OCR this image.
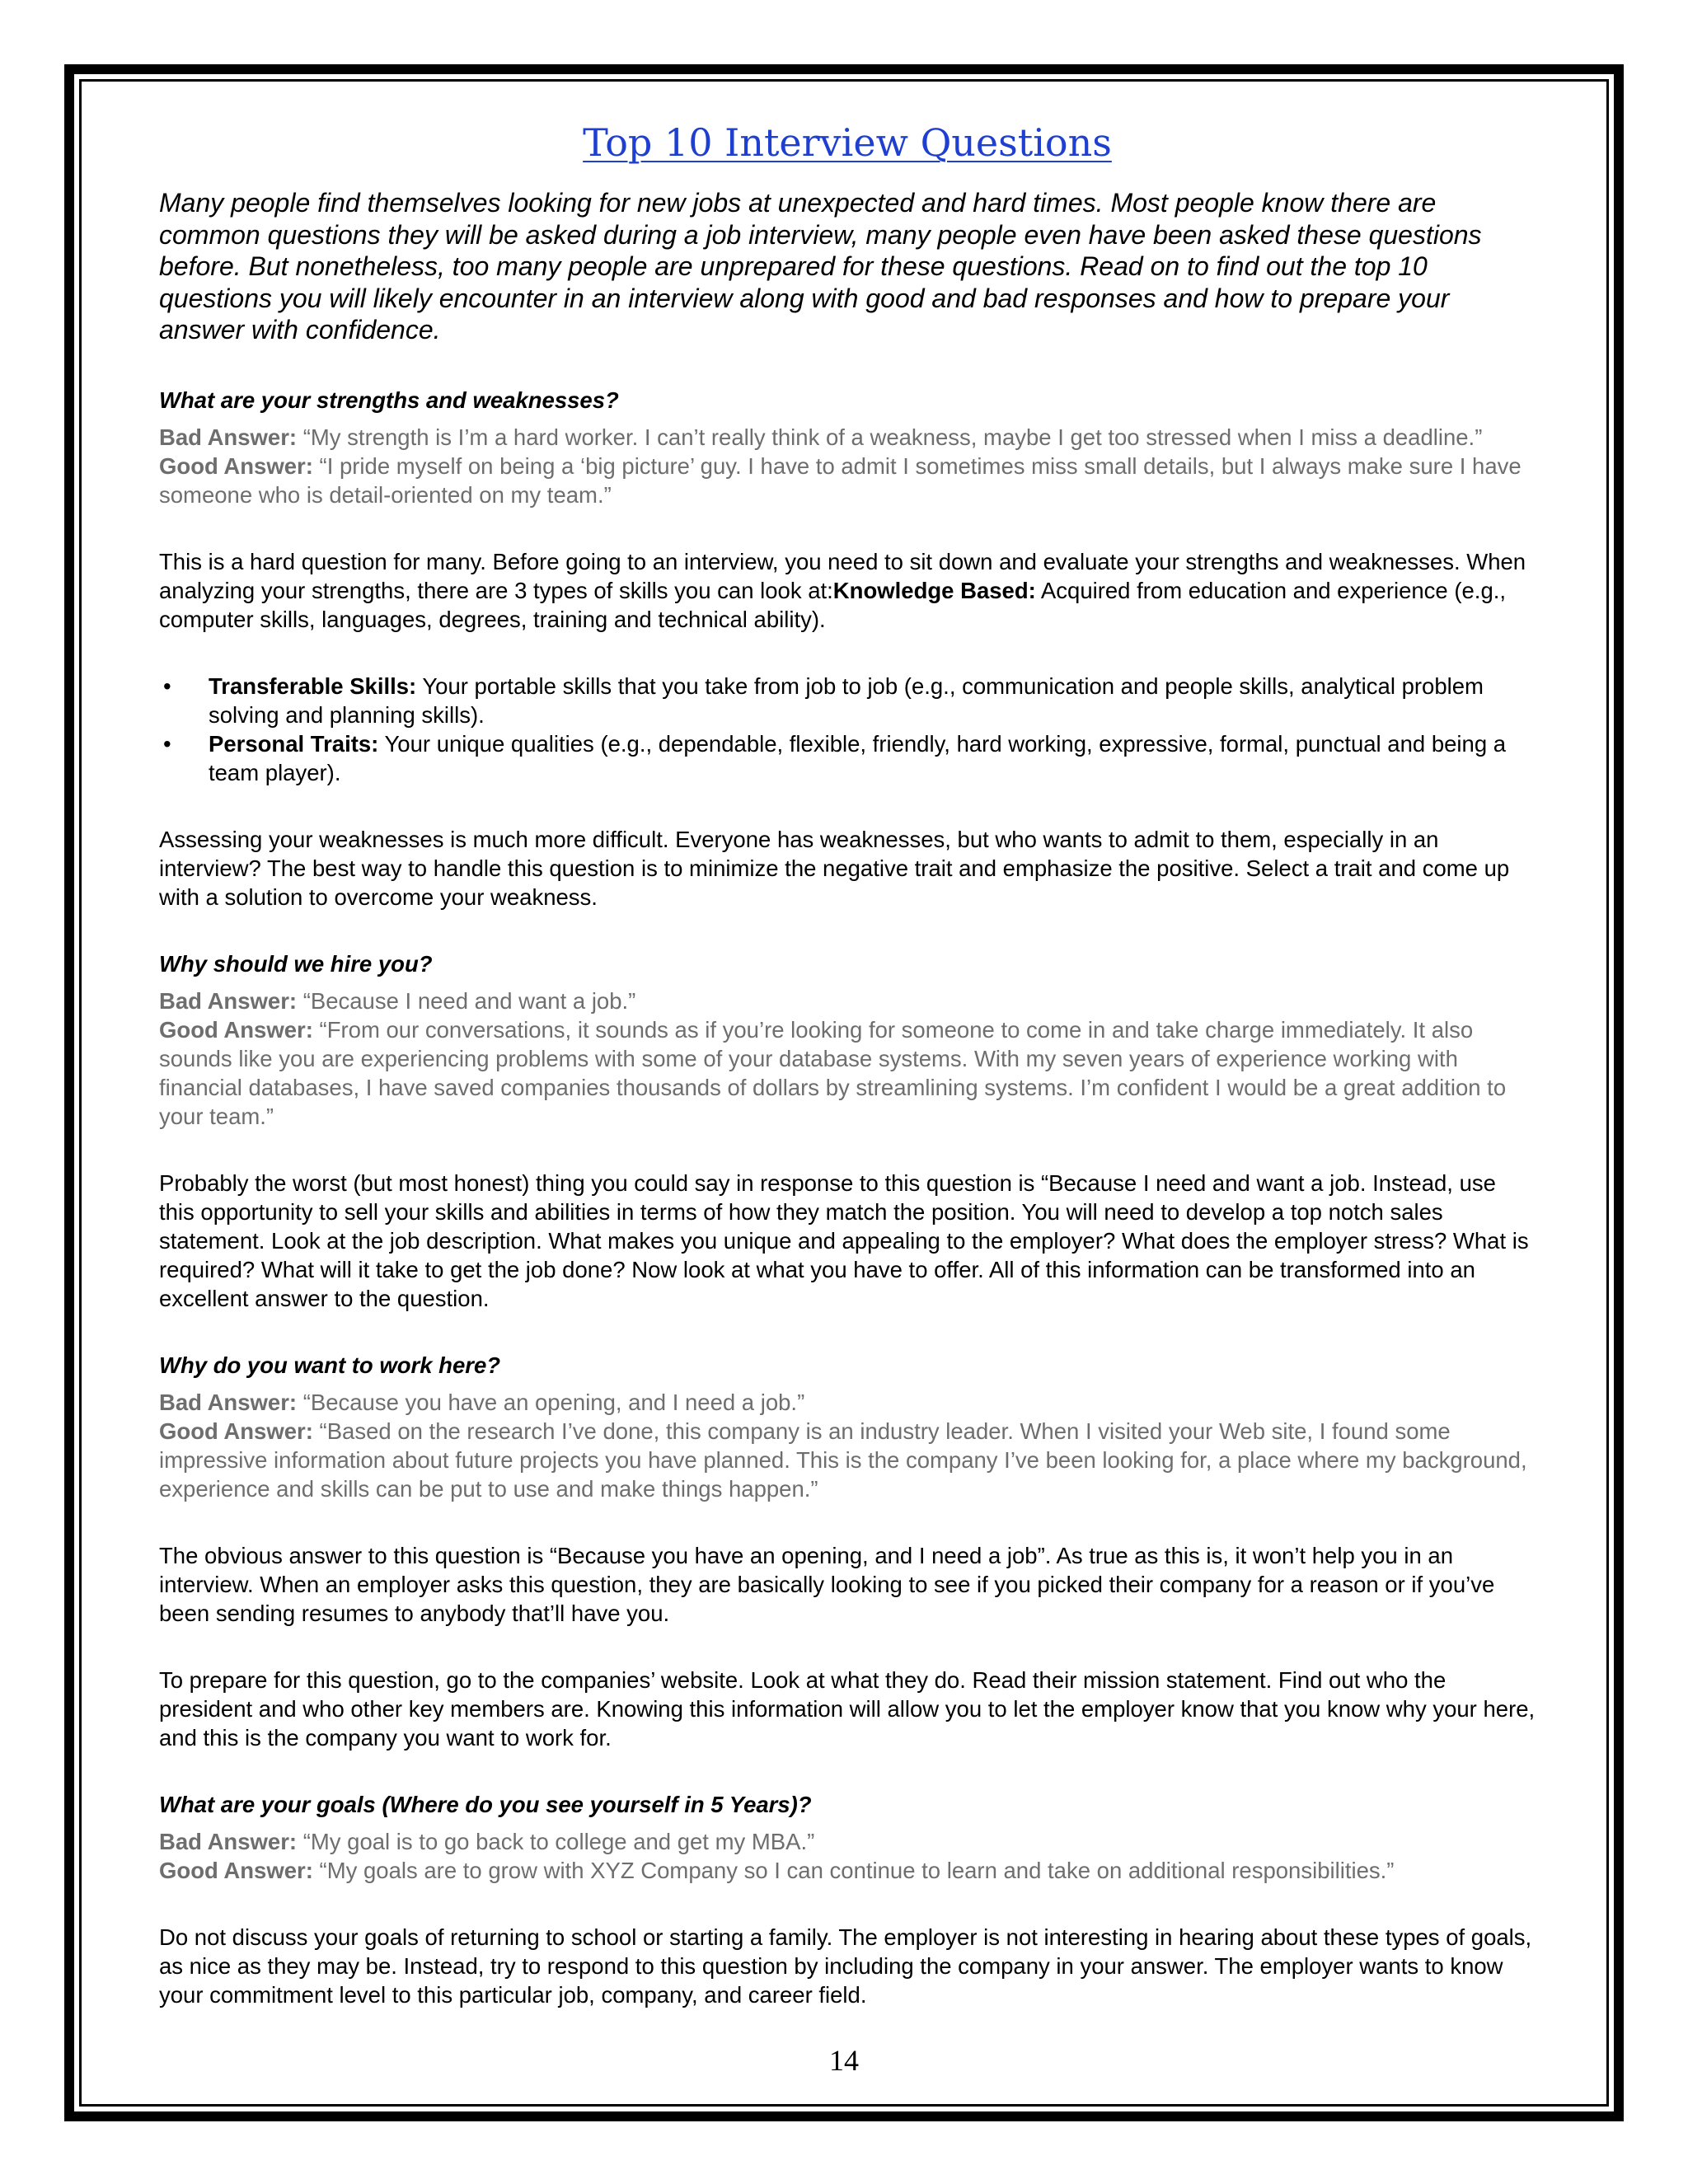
Top 10 Interview Questions

Many people find themselves looking for new jobs at unexpected and hard times. Most people know there are common questions they will be asked during a job interview, many people even have been asked these questions before. But nonetheless, too many people are unprepared for these questions. Read on to find out the top 10 questions you will likely encounter in an interview along with good and bad responses and how to prepare your answer with confidence.

What are your strengths and weaknesses?

Bad Answer: “My strength is I’m a hard worker. I can’t really think of a weakness, maybe I get too stressed when I miss a deadline.”

Good Answer: “I pride myself on being a ‘big picture’ guy. I have to admit I sometimes miss small details, but I always make sure I have someone who is detail-oriented on my team.”

This is a hard question for many. Before going to an interview, you need to sit down and evaluate your strengths and weaknesses. When analyzing your strengths, there are 3 types of skills you can look at:Knowledge Based: Acquired from education and experience (e.g., computer skills, languages, degrees, training and technical ability).

• Transferable Skills: Your portable skills that you take from job to job (e.g., communication and people skills, analytical problem solving and planning skills).
• Personal Traits: Your unique qualities (e.g., dependable, flexible, friendly, hard working, expressive, formal, punctual and being a team player).

Assessing your weaknesses is much more difficult. Everyone has weaknesses, but who wants to admit to them, especially in an interview? The best way to handle this question is to minimize the negative trait and emphasize the positive. Select a trait and come up with a solution to overcome your weakness.

Why should we hire you?

Bad Answer: “Because I need and want a job.”

Good Answer: “From our conversations, it sounds as if you’re looking for someone to come in and take charge immediately. It also sounds like you are experiencing problems with some of your database systems. With my seven years of experience working with financial databases, I have saved companies thousands of dollars by streamlining systems. I’m confident I would be a great addition to your team.”

Probably the worst (but most honest) thing you could say in response to this question is “Because I need and want a job. Instead, use this opportunity to sell your skills and abilities in terms of how they match the position. You will need to develop a top notch sales statement. Look at the job description. What makes you unique and appealing to the employer? What does the employer stress? What is required? What will it take to get the job done? Now look at what you have to offer. All of this information can be transformed into an excellent answer to the question.

Why do you want to work here?

Bad Answer: “Because you have an opening, and I need a job.”

Good Answer: “Based on the research I’ve done, this company is an industry leader. When I visited your Web site, I found some impressive information about future projects you have planned. This is the company I’ve been looking for, a place where my background, experience and skills can be put to use and make things happen.”

The obvious answer to this question is “Because you have an opening, and I need a job”. As true as this is, it won’t help you in an interview. When an employer asks this question, they are basically looking to see if you picked their company for a reason or if you’ve been sending resumes to anybody that’ll have you.

To prepare for this question, go to the companies’ website. Look at what they do. Read their mission statement. Find out who the president and who other key members are. Knowing this information will allow you to let the employer know that you know why your here, and this is the company you want to work for.

What are your goals (Where do you see yourself in 5 Years)?

Bad Answer: “My goal is to go back to college and get my MBA.”

Good Answer: “My goals are to grow with XYZ Company so I can continue to learn and take on additional responsibilities.”

Do not discuss your goals of returning to school or starting a family. The employer is not interesting in hearing about these types of goals, as nice as they may be. Instead, try to respond to this question by including the company in your answer. The employer wants to know your commitment level to this particular job, company, and career field.

14
